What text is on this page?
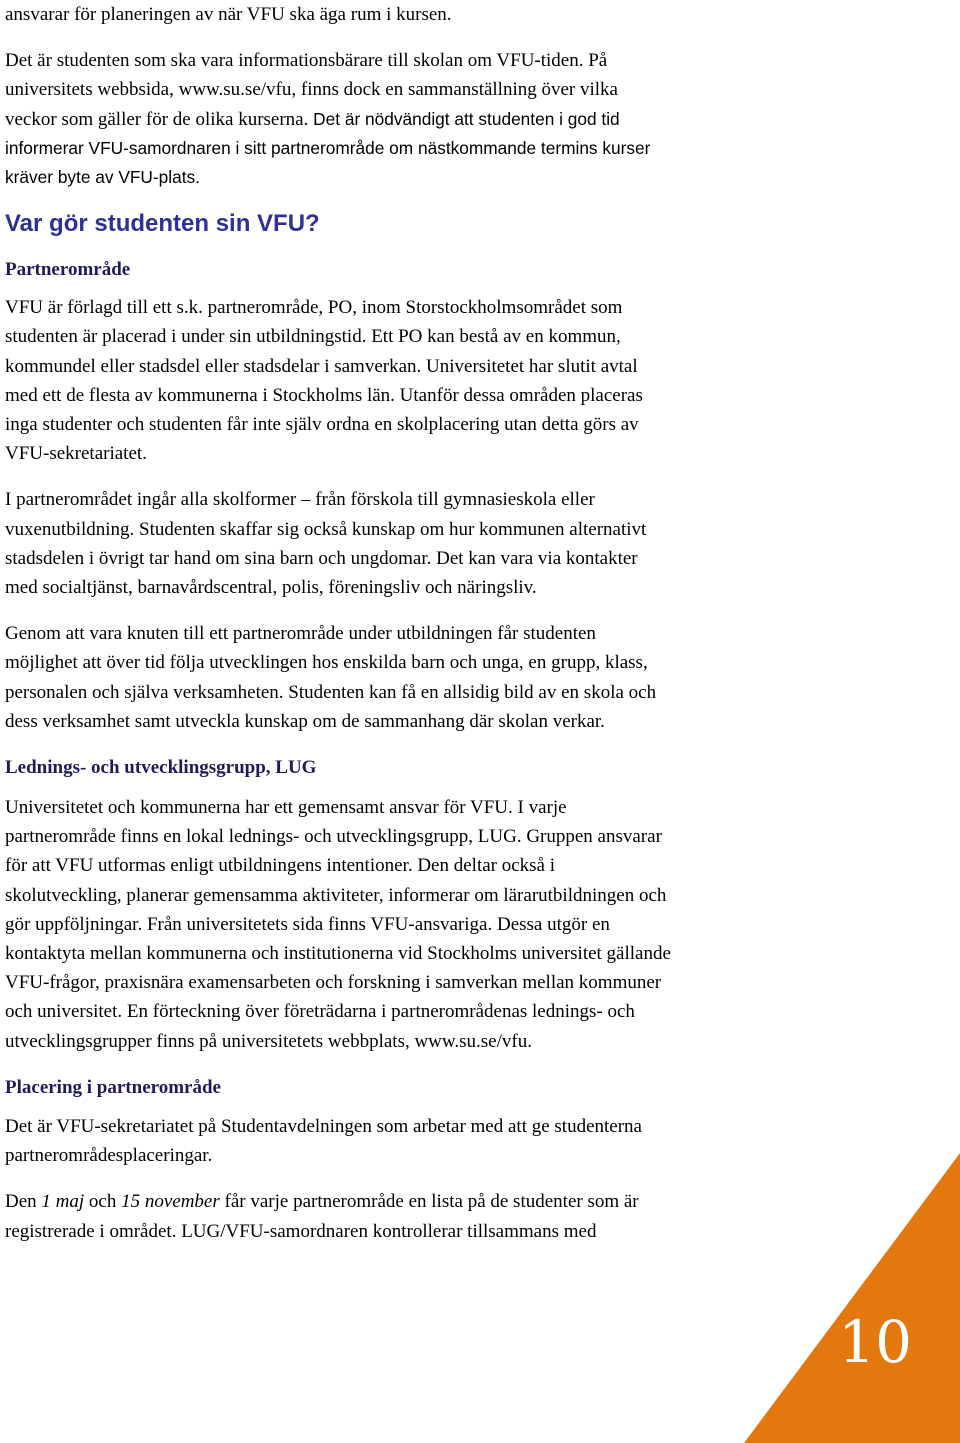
ansvarar för planeringen av när VFU ska äga rum i kursen.

Det är studenten som ska vara informationsbärare till skolan om VFU-tiden. På

universitets webbsida, www.su.se/vfu, finns dock en sammanställning över vilka

veckor som gäller för de olika kurserna. Det är nödvändigt att studenten i god tid

informerar VFU-samordnaren i sitt partnerområde om nästkommande termins kurser

kräver byte av VFU-plats.

Var gör studenten sin VFU?
Partnerområde

VFU är förlagd till ett s.k. partnerområde, PO, inom Storstockholmsområdet som

studenten är placerad i under sin utbildningstid. Ett PO kan bestå av en kommun,

kommundel eller stadsdel eller stadsdelar i samverkan. Universitetet har slutit avtal

med ett de flesta av kommunerna i Stockholms län. Utanför dessa områden placeras

inga studenter och studenten får inte själv ordna en skolplacering utan detta görs av

VFU-sekretariatet.

I partnerområdet ingår alla skolformer – från förskola till gymnasieskola eller

vuxenutbildning. Studenten skaffar sig också kunskap om hur kommunen alternativt

stadsdelen i övrigt tar hand om sina barn och ungdomar. Det kan vara via kontakter

med socialtjänst, barnavårdscentral, polis, föreningsliv och näringsliv.

Genom att vara knuten till ett partnerområde under utbildningen får studenten

möjlighet att över tid följa utvecklingen hos enskilda barn och unga, en grupp, klass,

personalen och själva verksamheten. Studenten kan få en allsidig bild av en skola och

dess verksamhet samt utveckla kunskap om de sammanhang där skolan verkar.

Lednings- och utvecklingsgrupp, LUG

Universitetet och kommunerna har ett gemensamt ansvar för VFU. I varje

partnerområde finns en lokal lednings- och utvecklingsgrupp, LUG. Gruppen ansvarar

för att VFU utformas enligt utbildningens intentioner. Den deltar också i

skolutveckling, planerar gemensamma aktiviteter, informerar om lärarutbildningen och

gör uppföljningar. Från universitetets sida finns VFU-ansvariga. Dessa utgör en

kontaktyta mellan kommunerna och institutionerna vid Stockholms universitet gällande

VFU-frågor, praxisnära examensarbeten och forskning i samverkan mellan kommuner

och universitet. En förteckning över företrädarna i partnerområdenas lednings- och

utvecklingsgrupper finns på universitetets webbplats, www.su.se/vfu.

Placering i partnerområde

Det är VFU-sekretariatet på Studentavdelningen som arbetar med att ge studenterna

partnerområdesplaceringar.

Den 1 maj och 15 november får varje partnerområde en lista på de studenter som är

registrerade i området. LUG/VFU-samordnaren kontrollerar tillsammans med

10
